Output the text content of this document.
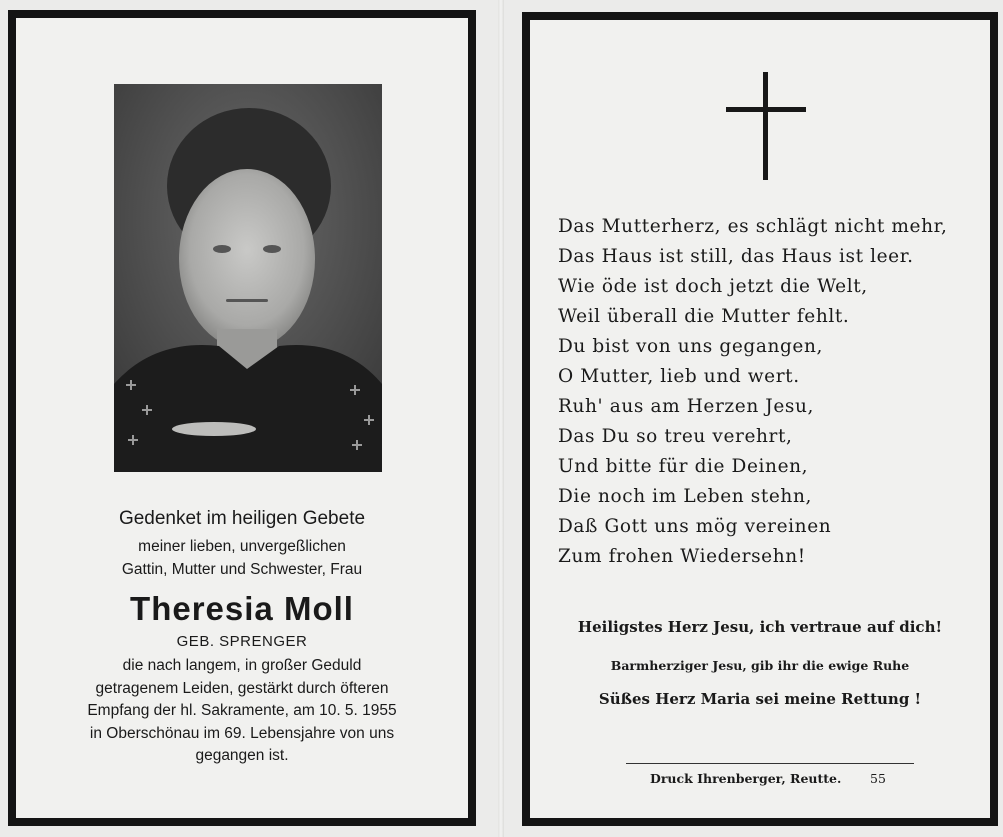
Gedenket im heiligen Gebete
meiner lieben, unvergeßlichen
Gattin, Mutter und Schwester, Frau
Theresia Moll
GEB. SPRENGER
die nach langem, in großer Geduld
getragenem Leiden, gestärkt durch öfteren
Empfang der hl. Sakramente, am 10. 5. 1955
in Oberschönau im 69. Lebensjahre von uns
gegangen ist.
Das Mutterherz, es schlägt nicht mehr,
Das Haus ist still, das Haus ist leer.
Wie öde ist doch jetzt die Welt,
Weil überall die Mutter fehlt.
Du bist von uns gegangen,
O Mutter, lieb und wert.
Ruh' aus am Herzen Jesu,
Das Du so treu verehrt,
Und bitte für die Deinen,
Die noch im Leben stehn,
Daß Gott uns mög vereinen
Zum frohen Wiedersehn!
Heiligstes Herz Jesu, ich vertraue auf dich!
Barmherziger Jesu, gib ihr die ewige Ruhe
Süßes Herz Maria sei meine Rettung !
Druck Ihrenberger, Reutte. 55
